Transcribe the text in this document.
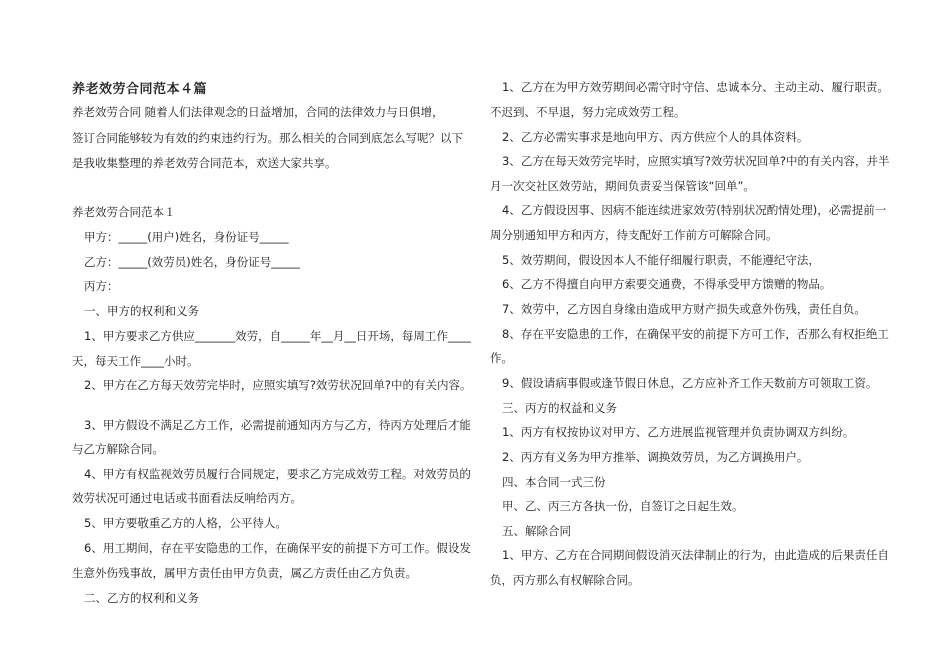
养老效劳合同范本４篇
养老效劳合同 随着人们法律观念的日益增加，合同的法律效力与日俱增，
签订合同能够较为有效的约束违约行为。那么相关的合同到底怎么写呢？以下
是我收集整理的养老效劳合同范本，欢送大家共享。
养老效劳合同范本１
甲方：_____(用户)姓名，身份证号_____
乙方：_____(效劳员)姓名，身份证号_____
丙方：
一、甲方的权利和义务
1、甲方要求乙方供应_______效劳，自_____年__月__日开场，每周工作____
天，每天工作____小时。
2、甲方在乙方每天效劳完毕时，应照实填写?效劳状况回单?中的有关内容。
3、甲方假设不满足乙方工作，必需提前通知丙方与乙方，待丙方处理后才能
与乙方解除合同。
4、甲方有权监视效劳员履行合同规定，要求乙方完成效劳工程。对效劳员的
效劳状况可通过电话或书面看法反响给丙方。
5、甲方要敬重乙方的人格，公平待人。
6、用工期间，存在平安隐患的工作，在确保平安的前提下方可工作。假设发
生意外伤残事故，属甲方责任由甲方负责，属乙方责任由乙方负责。
二、乙方的权利和义务
1、乙方在为甲方效劳期间必需守时守信、忠诚本分、主动主动、履行职责。
不迟到、不早退，努力完成效劳工程。
2、乙方必需实事求是地向甲方、丙方供应个人的具体资料。
3、乙方在每天效劳完毕时，应照实填写?效劳状况回单?中的有关内容，并半
月一次交社区效劳站，期间负责妥当保管该“回单”。
4、乙方假设因事、因病不能连续进家效劳(特别状况酌情处理)，必需提前一
周分别通知甲方和丙方，待支配好工作前方可解除合同。
5、效劳期间，假设因本人不能仔细履行职责，不能遵纪守法，
6、乙方不得擅自向甲方索要交通费，不得承受甲方馈赠的物品。
7、效劳中，乙方因自身缘由造成甲方财产损失或意外伤残，责任自负。
8、存在平安隐患的工作，在确保平安的前提下方可工作，否那么有权拒绝工
作。
9、假设请病事假或逢节假日休息，乙方应补齐工作天数前方可领取工资。
三、丙方的权益和义务
1、丙方有权按协议对甲方、乙方进展监视管理并负责协调双方纠纷。
2、丙方有义务为甲方推举、调换效劳员，为乙方调换用户。
四、本合同一式三份
甲、乙、丙三方各执一份，自签订之日起生效。
五、解除合同
1、甲方、乙方在合同期间假设消灭法律制止的行为，由此造成的后果责任自
负，丙方那么有权解除合同。
